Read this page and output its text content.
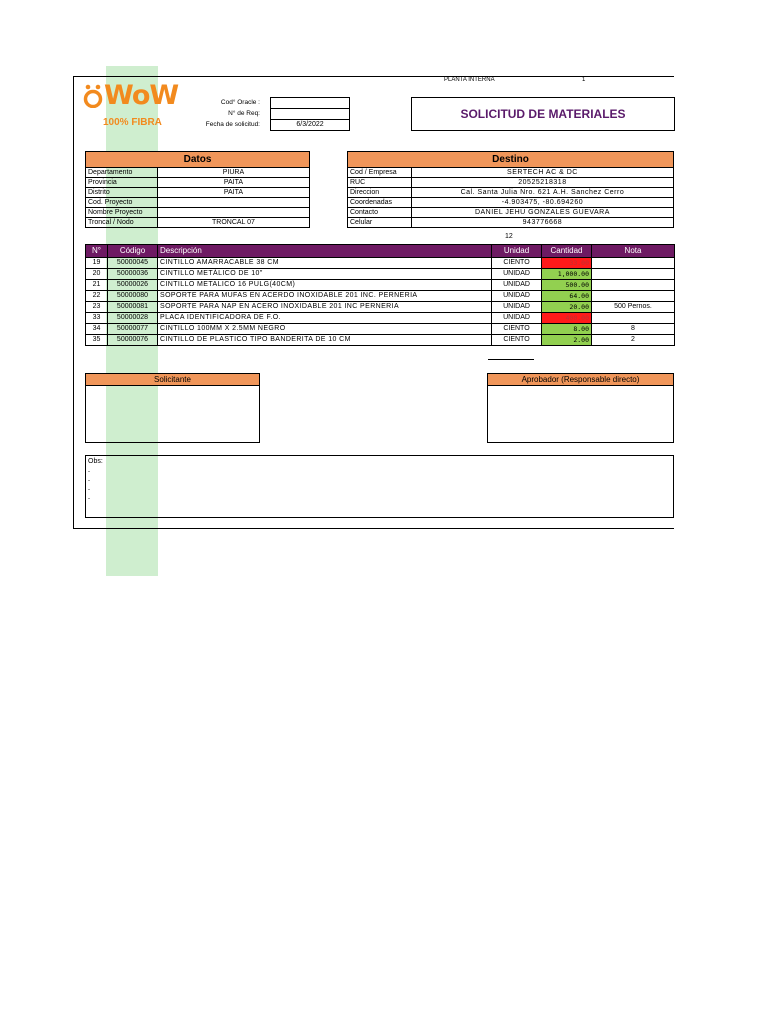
PLANTA INTERNA	1
WoW
100% FIBRA
Cod° Oracle :
N° de Req:
Fecha de solicitud:	6/3/2022
SOLICITUD DE MATERIALES
Datos
Departamento	PIURA
Provincia	PAITA
Distrito	PAITA
Cod. Proyecto	
Nombre Proyecto	
Troncal / Nodo	TRONCAL 07
Destino
Cod / Empresa	SERTECH AC & DC
RUC	20525218318
Direccion	Cal. Santa Julia Nro. 621 A.H. Sanchez Cerro
Coordenadas	-4.903475, -80.694260
Contacto	DANIEL JEHU GONZALES GUEVARA
Celular	943776668
12
N°	Código	Descripción	Unidad	Cantidad	Nota
19	50000045	CINTILLO AMARRACABLE 38 CM	CIENTO	33.00	
20	50000036	CINTILLO METÁLICO DE 10"	UNIDAD	1,000.00	
21	50000026	CINTILLO METALICO 16 PULG(40CM)	UNIDAD	500.00	
22	50000080	SOPORTE PARA MUFAS EN ACERDO INOXIDABLE 201 INC. PERNERIA	UNIDAD	64.00	
23	50000081	SOPORTE PARA NAP EN ACERO INOXIDABLE 201 INC PERNERIA	UNIDAD	20.00	500 Pernos.
33	50000028	PLACA IDENTIFICADORA DE F.O.	UNIDAD	400.00	
34	50000077	CINTILLO 100MM X 2.5MM NEGRO	CIENTO	8.00	8
35	50000076	CINTILLO DE PLASTICO TIPO BANDERITA DE 10 CM	CIENTO	2.00	2
Solicitante	Aprobador (Responsable directo)
Obs:
-
-
-
-
